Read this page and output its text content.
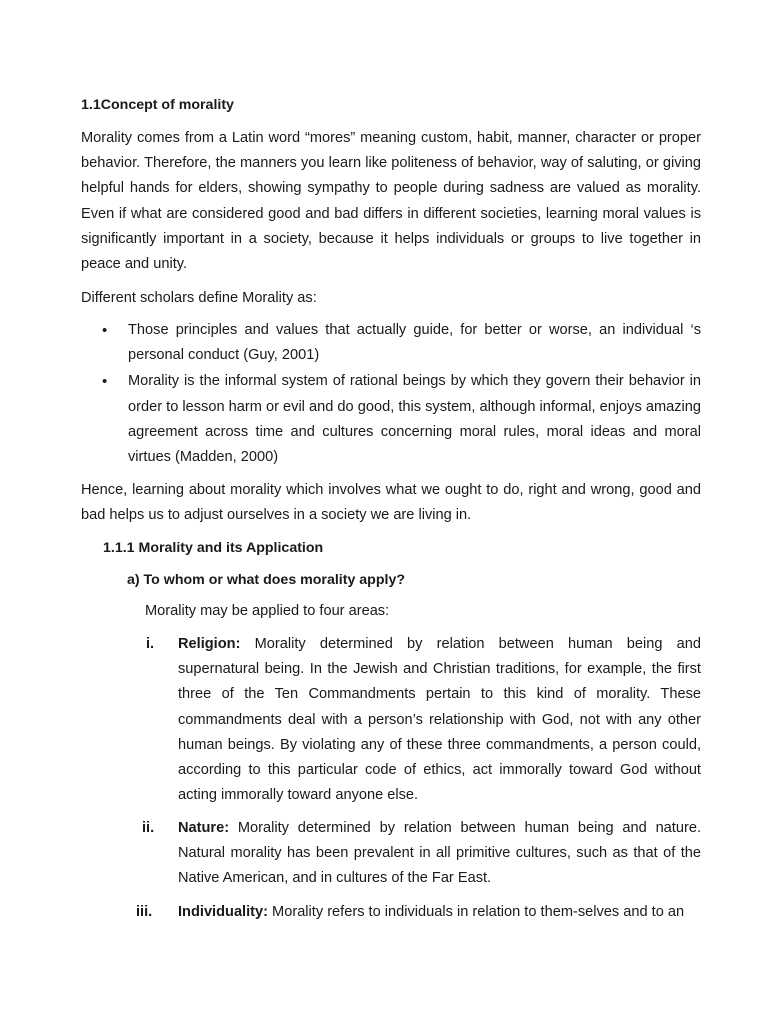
1.1Concept of morality

Morality comes from a Latin word “mores” meaning custom, habit, manner, character or proper behavior. Therefore, the manners you learn like politeness of behavior, way of saluting, or giving helpful hands for elders, showing sympathy to people during sadness are valued as morality. Even if what are considered good and bad differs in different societies, learning moral values is significantly important in a society, because it helps individuals or groups to live together in peace and unity.

Different scholars define Morality as:

• Those principles and values that actually guide, for better or worse, an individual ‘s personal conduct (Guy, 2001)
• Morality is the informal system of rational beings by which they govern their behavior in order to lesson harm or evil and do good, this system, although informal, enjoys amazing agreement across time and cultures concerning moral rules, moral ideas and moral virtues (Madden, 2000)

Hence, learning about morality which involves what we ought to do, right and wrong, good and bad helps us to adjust ourselves in a society we are living in.

1.1.1 Morality and its Application
a) To whom or what does morality apply?
Morality may be applied to four areas:
i.	Religion: Morality determined by relation between human being and supernatural being. In the Jewish and Christian traditions, for example, the first three of the Ten Commandments pertain to this kind of morality. These commandments deal with a person’s relationship with God, not with any other human beings. By violating any of these three commandments, a person could, according to this particular code of ethics, act immorally toward God without acting immorally toward anyone else.
ii.	Nature: Morality determined by relation between human being and nature. Natural morality has been prevalent in all primitive cultures, such as that of the Native American, and in cultures of the Far East.
iii.	Individuality: Morality refers to individuals in relation to them-selves and to an
